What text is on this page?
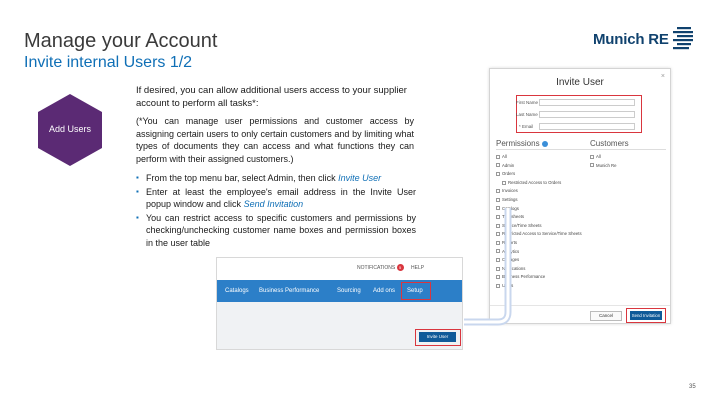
Manage your Account
Invite internal Users 1/2
Munich RE
Add Users
If desired, you can allow additional users access to your supplier account to perform all tasks*:
(*You can manage user permissions and customer access by assigning certain users to only certain customers and by limiting what types of documents they can access and what functions they can perform with their assigned customers.)
▪ From the top menu bar, select Admin, then click Invite User
▪ Enter at least the employee's email address in the Invite User popup window and click Send Invitation
▪ You can restrict access to specific customers and permissions by checking/unchecking customer name boxes and permission boxes in the user table
Invite User
×
First Name
Last Name
* Email
Permissions	Customers
All
Admin
Orders
Restricted Access to Orders
Invoices
Settings
Catalogs
Timesheets
Service/Time Sheets
Restricted Access to Service/Time Sheets
Reports
Analytics
Changes
Notifications
Business Performance
Users
All
Munich Re
Cancel	Send Invitation
NOTIFICATIONS 5 HELP
Catalogs Business Performance	Sourcing Add ons Setup
Invite User
35
